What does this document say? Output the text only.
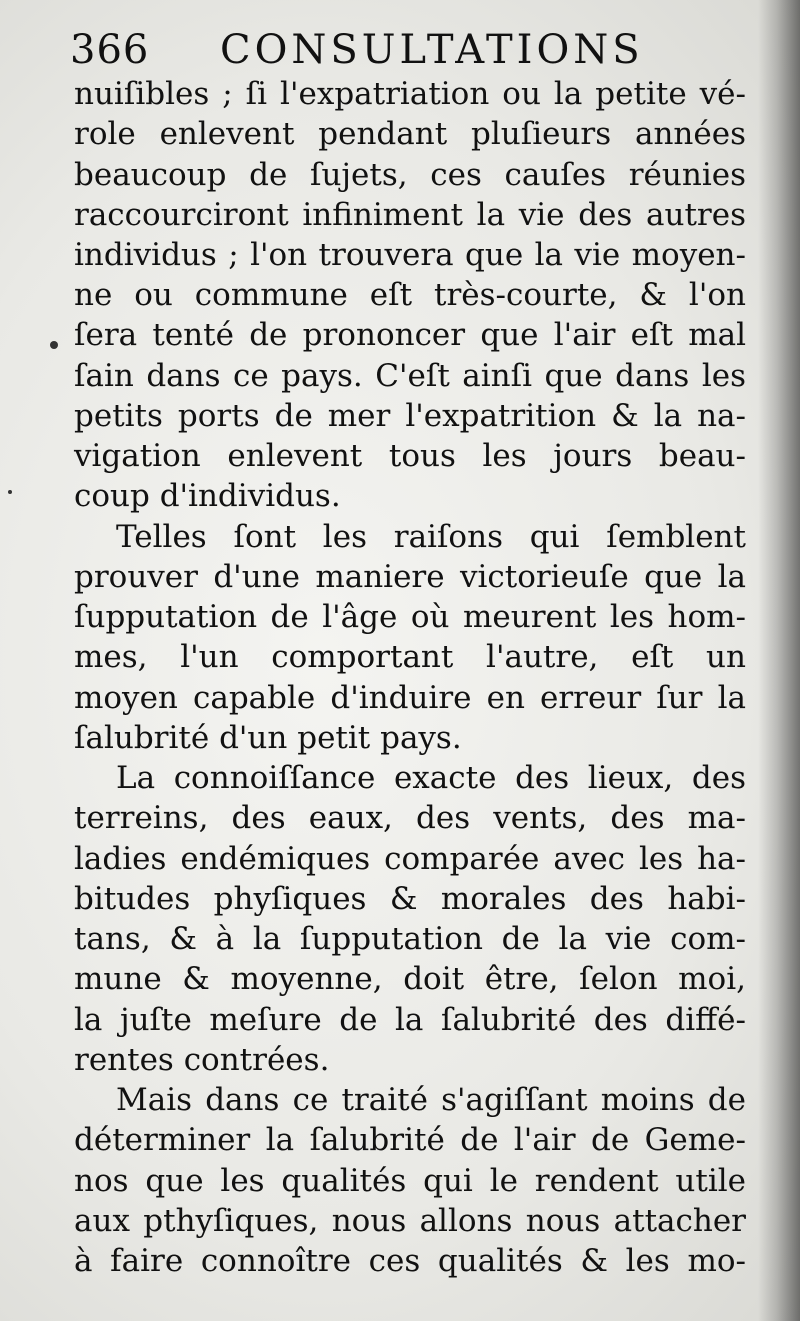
366 CONSULTATIONS
nuiſibles ; ſi l'expatriation ou la petite vé-
role enlevent pendant pluſieurs années
beaucoup de ſujets, ces cauſes réunies
raccourciront infiniment la vie des autres
individus ; l'on trouvera que la vie moyen-
ne ou commune eſt très-courte, & l'on
ſera tenté de prononcer que l'air eſt mal
ſain dans ce pays. C'eſt ainſi que dans les
petits ports de mer l'expatrition & la na-
vigation enlevent tous les jours beau-
coup d'individus.
Telles ſont les raiſons qui ſemblent
prouver d'une maniere victorieuſe que la
ſupputation de l'âge où meurent les hom-
mes, l'un comportant l'autre, eſt un
moyen capable d'induire en erreur ſur la
ſalubrité d'un petit pays.
La connoiſſance exacte des lieux, des
terreins, des eaux, des vents, des ma-
ladies endémiques comparée avec les ha-
bitudes phyſiques & morales des habi-
tans, & à la ſupputation de la vie com-
mune & moyenne, doit être, ſelon moi,
la juſte meſure de la ſalubrité des diffé-
rentes contrées.
Mais dans ce traité s'agiſſant moins de
déterminer la ſalubrité de l'air de Geme-
nos que les qualités qui le rendent utile
aux pthyſiques, nous allons nous attacher
à faire connoître ces qualités & les mo-
